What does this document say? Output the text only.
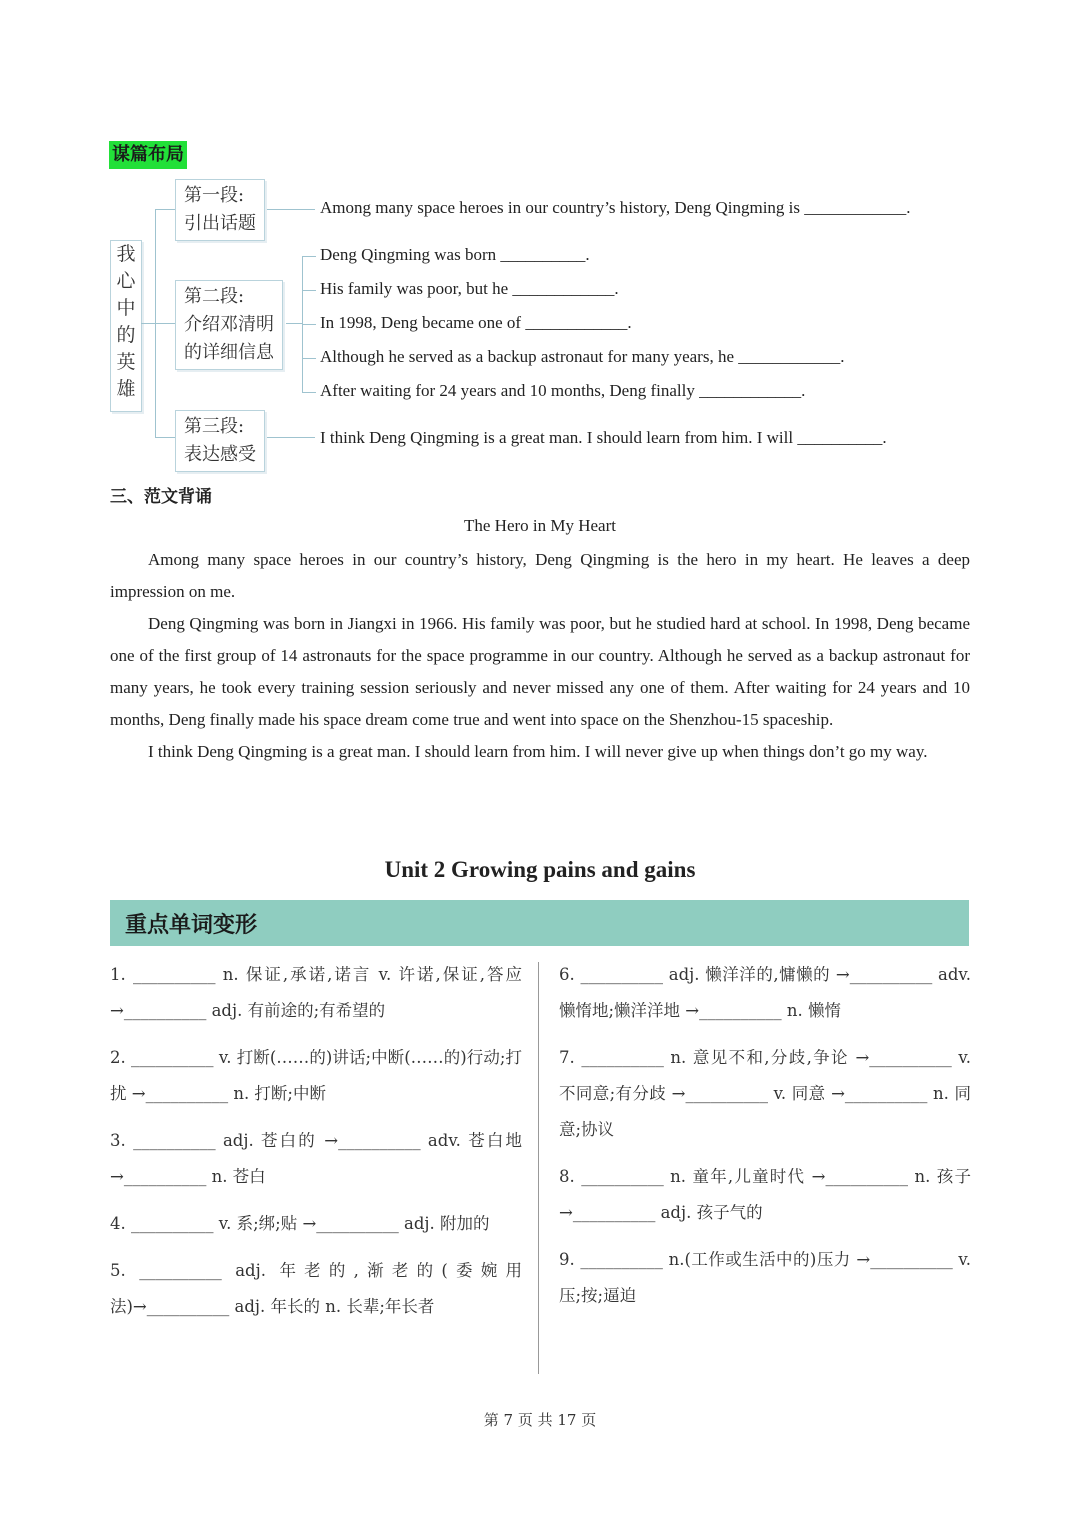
谋篇布局
我
心
中
的
英
雄
第一段:
引出话题
第二段:
介绍邓清明
的详细信息
第三段:
表达感受
Among many space heroes in our country’s history, Deng Qingming is ____________.
Deng Qingming was born __________.
His family was poor, but he ____________.
In 1998, Deng became one of ____________.
Although he served as a backup astronaut for many years, he ____________.
After waiting for 24 years and 10 months, Deng finally ____________.
I think Deng Qingming is a great man. I should learn from him. I will __________.
三、范文背诵
The Hero in My Heart

Among many space heroes in our country’s history, Deng Qingming is the hero in my heart. He leaves a deep impression on me.

Deng Qingming was born in Jiangxi in 1966. His family was poor, but he studied hard at school. In 1998, Deng became one of the first group of 14 astronauts for the space programme in our country. Although he served as a backup astronaut for many years, he took every training session seriously and never missed any one of them. After waiting for 24 years and 10 months, Deng finally made his space dream come true and went into space on the Shenzhou-15 spaceship.

I think Deng Qingming is a great man. I should learn from him. I will never give up when things don’t go my way.

Unit 2 Growing pains and gains
重点单词变形

1. __________ n. 保证,承诺,诺言 v. 许诺,保证,答应 →__________ adj. 有前途的;有希望的

2. __________ v. 打断(……的)讲话;中断(……的)行动;打扰 →__________ n. 打断;中断

3. __________ adj. 苍白的 →__________ adv. 苍白地 →__________ n. 苍白

4. __________ v. 系;绑;贴 →__________ adj. 附加的

5. __________ adj. 年老的,渐老的(委婉用法)→__________ adj. 年长的 n. 长辈;年长者

6. __________ adj. 懒洋洋的,慵懒的 →__________ adv. 懒惰地;懒洋洋地 →__________ n. 懒惰

7. __________ n. 意见不和,分歧,争论 →__________ v. 不同意;有分歧 →__________ v. 同意 →__________ n. 同意;协议

8. __________ n. 童年,儿童时代 →__________ n. 孩子 →__________ adj. 孩子气的

9. __________ n.(工作或生活中的)压力 →__________ v. 压;按;逼迫

第 7 页 共 17 页
